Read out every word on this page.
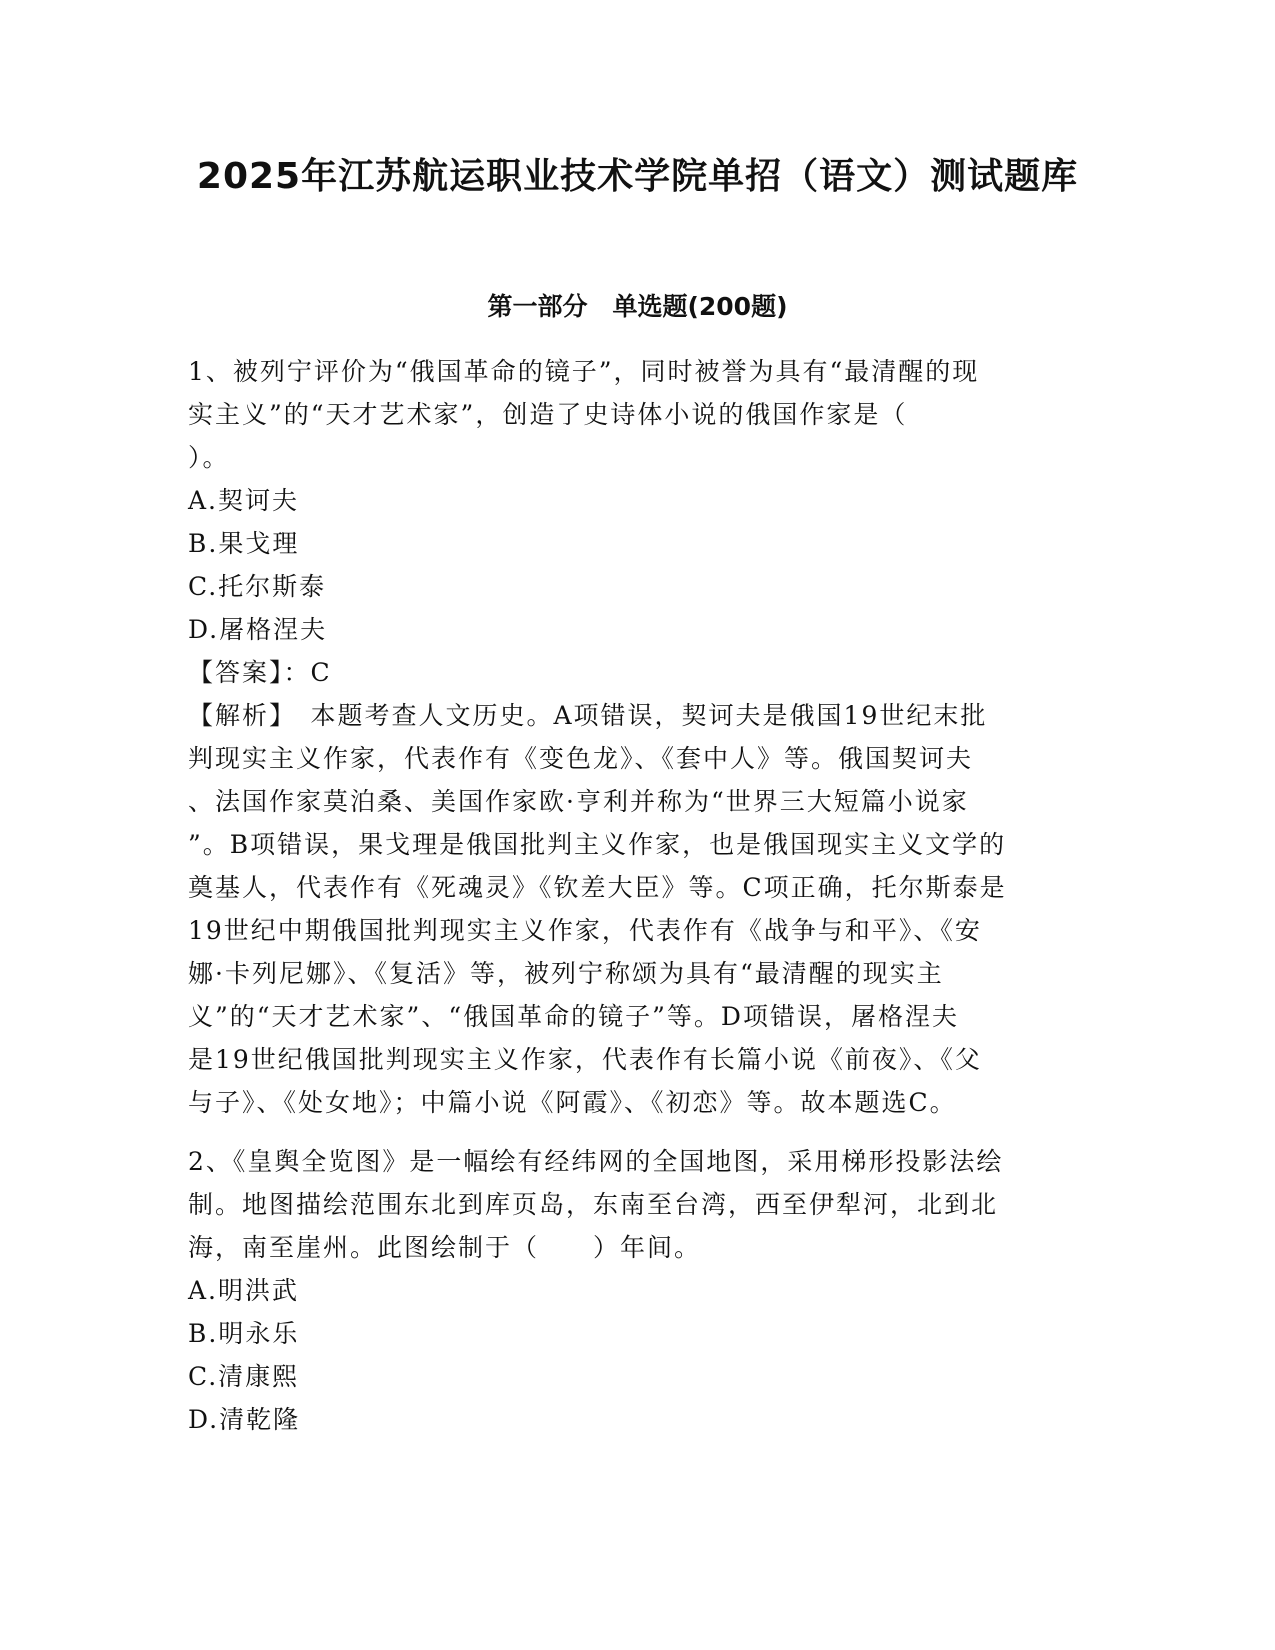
2025年江苏航运职业技术学院单招（语文）测试题库
第一部分　单选题(200题)

1、被列宁评价为“俄国革命的镜子”，同时被誉为具有“最清醒的现
实主义”的“天才艺术家”，创造了史诗体小说的俄国作家是（
）。

A.契诃夫

B.果戈理

C.托尔斯泰

D.屠格涅夫

【答案】：C

【解析】　本题考查人文历史。A项错误，契诃夫是俄国19世纪末批
判现实主义作家，代表作有《变色龙》、《套中人》等。俄国契诃夫
、法国作家莫泊桑、美国作家欧·亨利并称为“世界三大短篇小说家
”。B项错误，果戈理是俄国批判主义作家，也是俄国现实主义文学的
奠基人，代表作有《死魂灵》《钦差大臣》等。C项正确，托尔斯泰是
19世纪中期俄国批判现实主义作家，代表作有《战争与和平》、《安
娜·卡列尼娜》、《复活》等，被列宁称颂为具有“最清醒的现实主
义”的“天才艺术家”、“俄国革命的镜子”等。D项错误，屠格涅夫
是19世纪俄国批判现实主义作家，代表作有长篇小说《前夜》、《父
与子》、《处女地》；中篇小说《阿霞》、《初恋》等。故本题选C。

2、《皇舆全览图》是一幅绘有经纬网的全国地图，采用梯形投影法绘
制。地图描绘范围东北到库页岛，东南至台湾，西至伊犁河，北到北
海，南至崖州。此图绘制于（　　）年间。

A.明洪武

B.明永乐

C.清康熙

D.清乾隆
